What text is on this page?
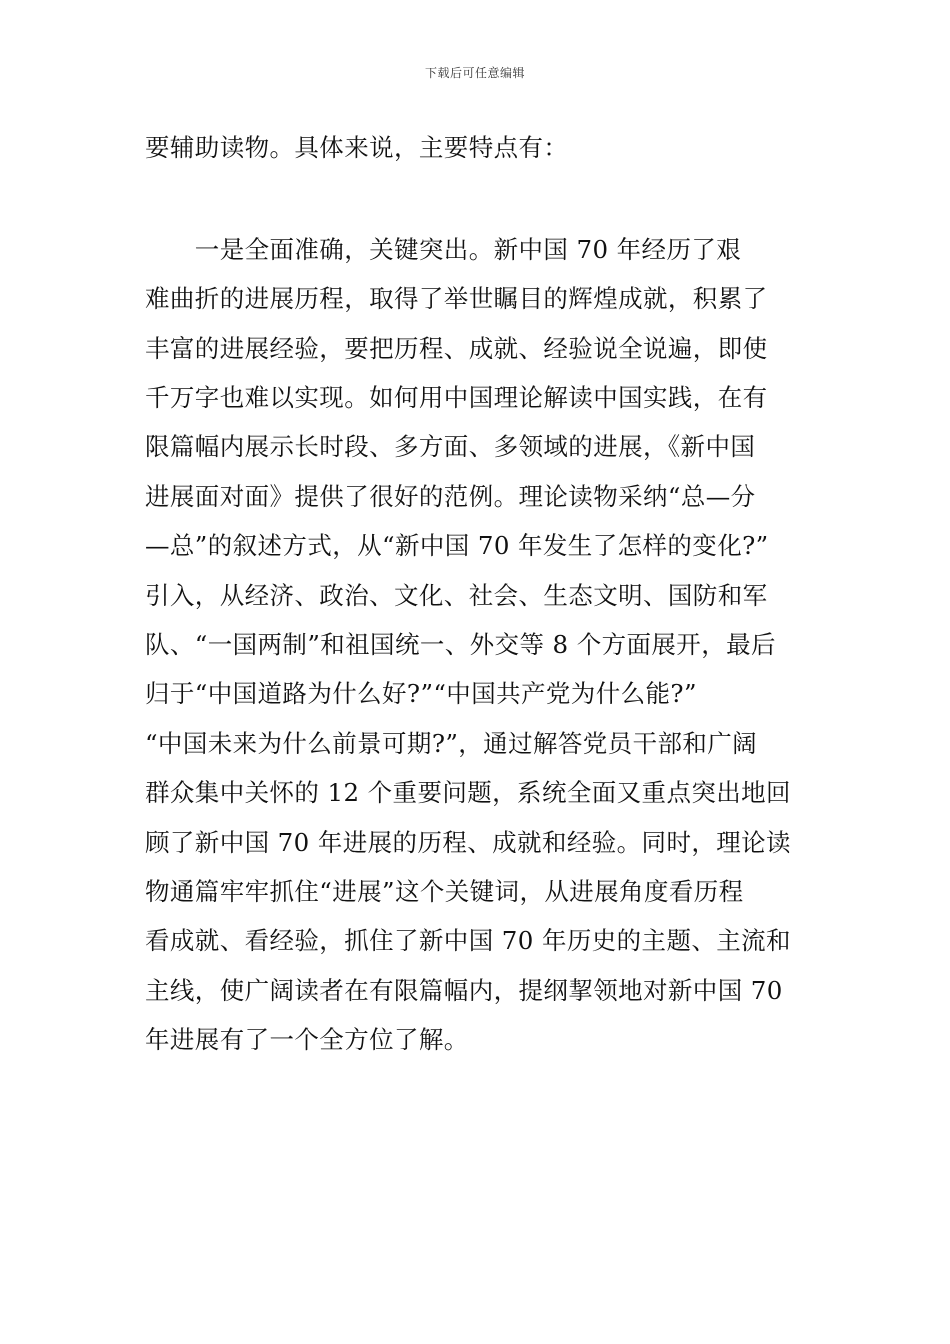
下载后可任意编辑
要辅助读物。具体来说，主要特点有：
　　一是全面准确，关键突出。新中国 70 年经历了艰
难曲折的进展历程，取得了举世瞩目的辉煌成就，积累了
丰富的进展经验，要把历程、成就、经验说全说遍，即使
千万字也难以实现。如何用中国理论解读中国实践，在有
限篇幅内展示长时段、多方面、多领域的进展，《新中国
进展面对面》提供了很好的范例。理论读物采纳“总—分
—总”的叙述方式，从“新中国 70 年发生了怎样的变化?”
引入，从经济、政治、文化、社会、生态文明、国防和军
队、“一国两制”和祖国统一、外交等 8 个方面展开，最后
归于“中国道路为什么好?”“中国共产党为什么能?”
“中国未来为什么前景可期?”，通过解答党员干部和广阔
群众集中关怀的 12 个重要问题，系统全面又重点突出地回
顾了新中国 70 年进展的历程、成就和经验。同时，理论读
物通篇牢牢抓住“进展”这个关键词，从进展角度看历程
看成就、看经验，抓住了新中国 70 年历史的主题、主流和
主线，使广阔读者在有限篇幅内，提纲挈领地对新中国 70
年进展有了一个全方位了解。
